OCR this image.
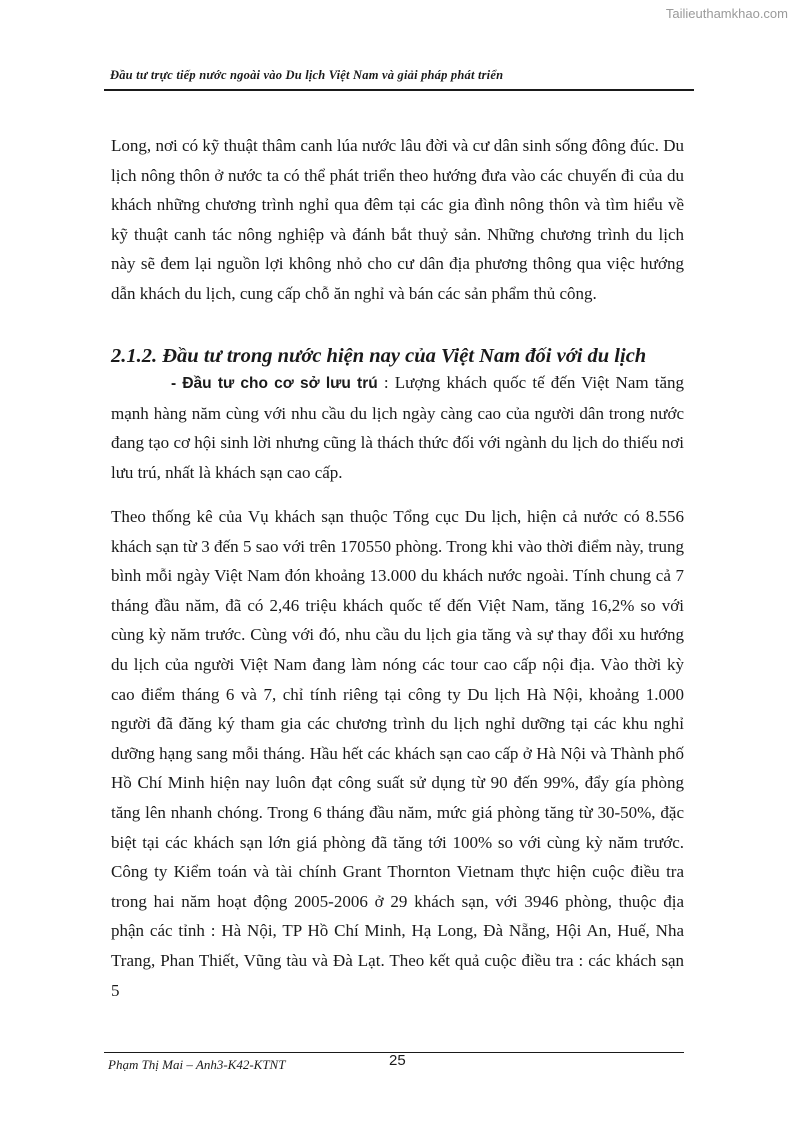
Tailieuthamkhao.com
Đầu tư trực tiếp nước ngoài vào Du lịch Việt Nam và giải pháp phát triển

Long, nơi có kỹ thuật thâm canh lúa nước lâu đời và cư dân sinh sống đông đúc. Du lịch nông thôn ở nước ta có thể phát triển theo hướng đưa vào các chuyến đi của du khách những chương trình nghỉ qua đêm tại các gia đình nông thôn và tìm hiểu về kỹ thuật canh tác nông nghiệp và đánh bắt thuỷ sản. Những chương trình du lịch này sẽ đem lại nguồn lợi không nhỏ cho cư dân địa phương thông qua việc hướng dẫn khách du lịch, cung cấp chỗ ăn nghỉ và bán các sản phẩm thủ công.

2.1.2. Đầu tư trong nước hiện nay của Việt Nam đối với du lịch

- Đầu tư cho cơ sở lưu trú : Lượng khách quốc tế đến Việt Nam tăng mạnh hàng năm cùng với nhu cầu du lịch ngày càng cao của người dân trong nước đang tạo cơ hội sinh lời nhưng cũng là thách thức đối với ngành du lịch do thiếu nơi lưu trú, nhất là khách sạn cao cấp.

Theo thống kê của Vụ khách sạn thuộc Tổng cục Du lịch, hiện cả nước có 8.556 khách sạn từ 3 đến 5 sao với trên 170550 phòng. Trong khi vào thời điểm này, trung bình mỗi ngày Việt Nam đón khoảng 13.000 du khách nước ngoài. Tính chung cả 7 tháng đầu năm, đã có 2,46 triệu khách quốc tế đến Việt Nam, tăng 16,2% so với cùng kỳ năm trước. Cùng với đó, nhu cầu du lịch gia tăng và sự thay đổi xu hướng du lịch của người Việt Nam đang làm nóng các tour cao cấp nội địa. Vào thời kỳ cao điểm tháng 6 và 7, chỉ tính riêng tại công ty Du lịch Hà Nội, khoảng 1.000 người đã đăng ký tham gia các chương trình du lịch nghỉ dưỡng tại các khu nghỉ dưỡng hạng sang mỗi tháng. Hầu hết các khách sạn cao cấp ở Hà Nội và Thành phố Hồ Chí Minh hiện nay luôn đạt công suất sử dụng từ 90 đến 99%, đẩy gía phòng tăng lên nhanh chóng. Trong 6 tháng đầu năm, mức giá phòng tăng từ 30-50%, đặc biệt tại các khách sạn lớn giá phòng đã tăng tới 100% so với cùng kỳ năm trước. Công ty Kiểm toán và tài chính Grant Thornton Vietnam thực hiện cuộc điều tra trong hai năm hoạt động 2005-2006 ở 29 khách sạn, với 3946 phòng, thuộc địa phận các tỉnh : Hà Nội, TP Hồ Chí Minh, Hạ Long, Đà Nẵng, Hội An, Huế, Nha Trang, Phan Thiết, Vũng tàu và Đà Lạt. Theo kết quả cuộc điều tra : các khách sạn 5

Phạm Thị Mai – Anh3-K42-KTNT	25
